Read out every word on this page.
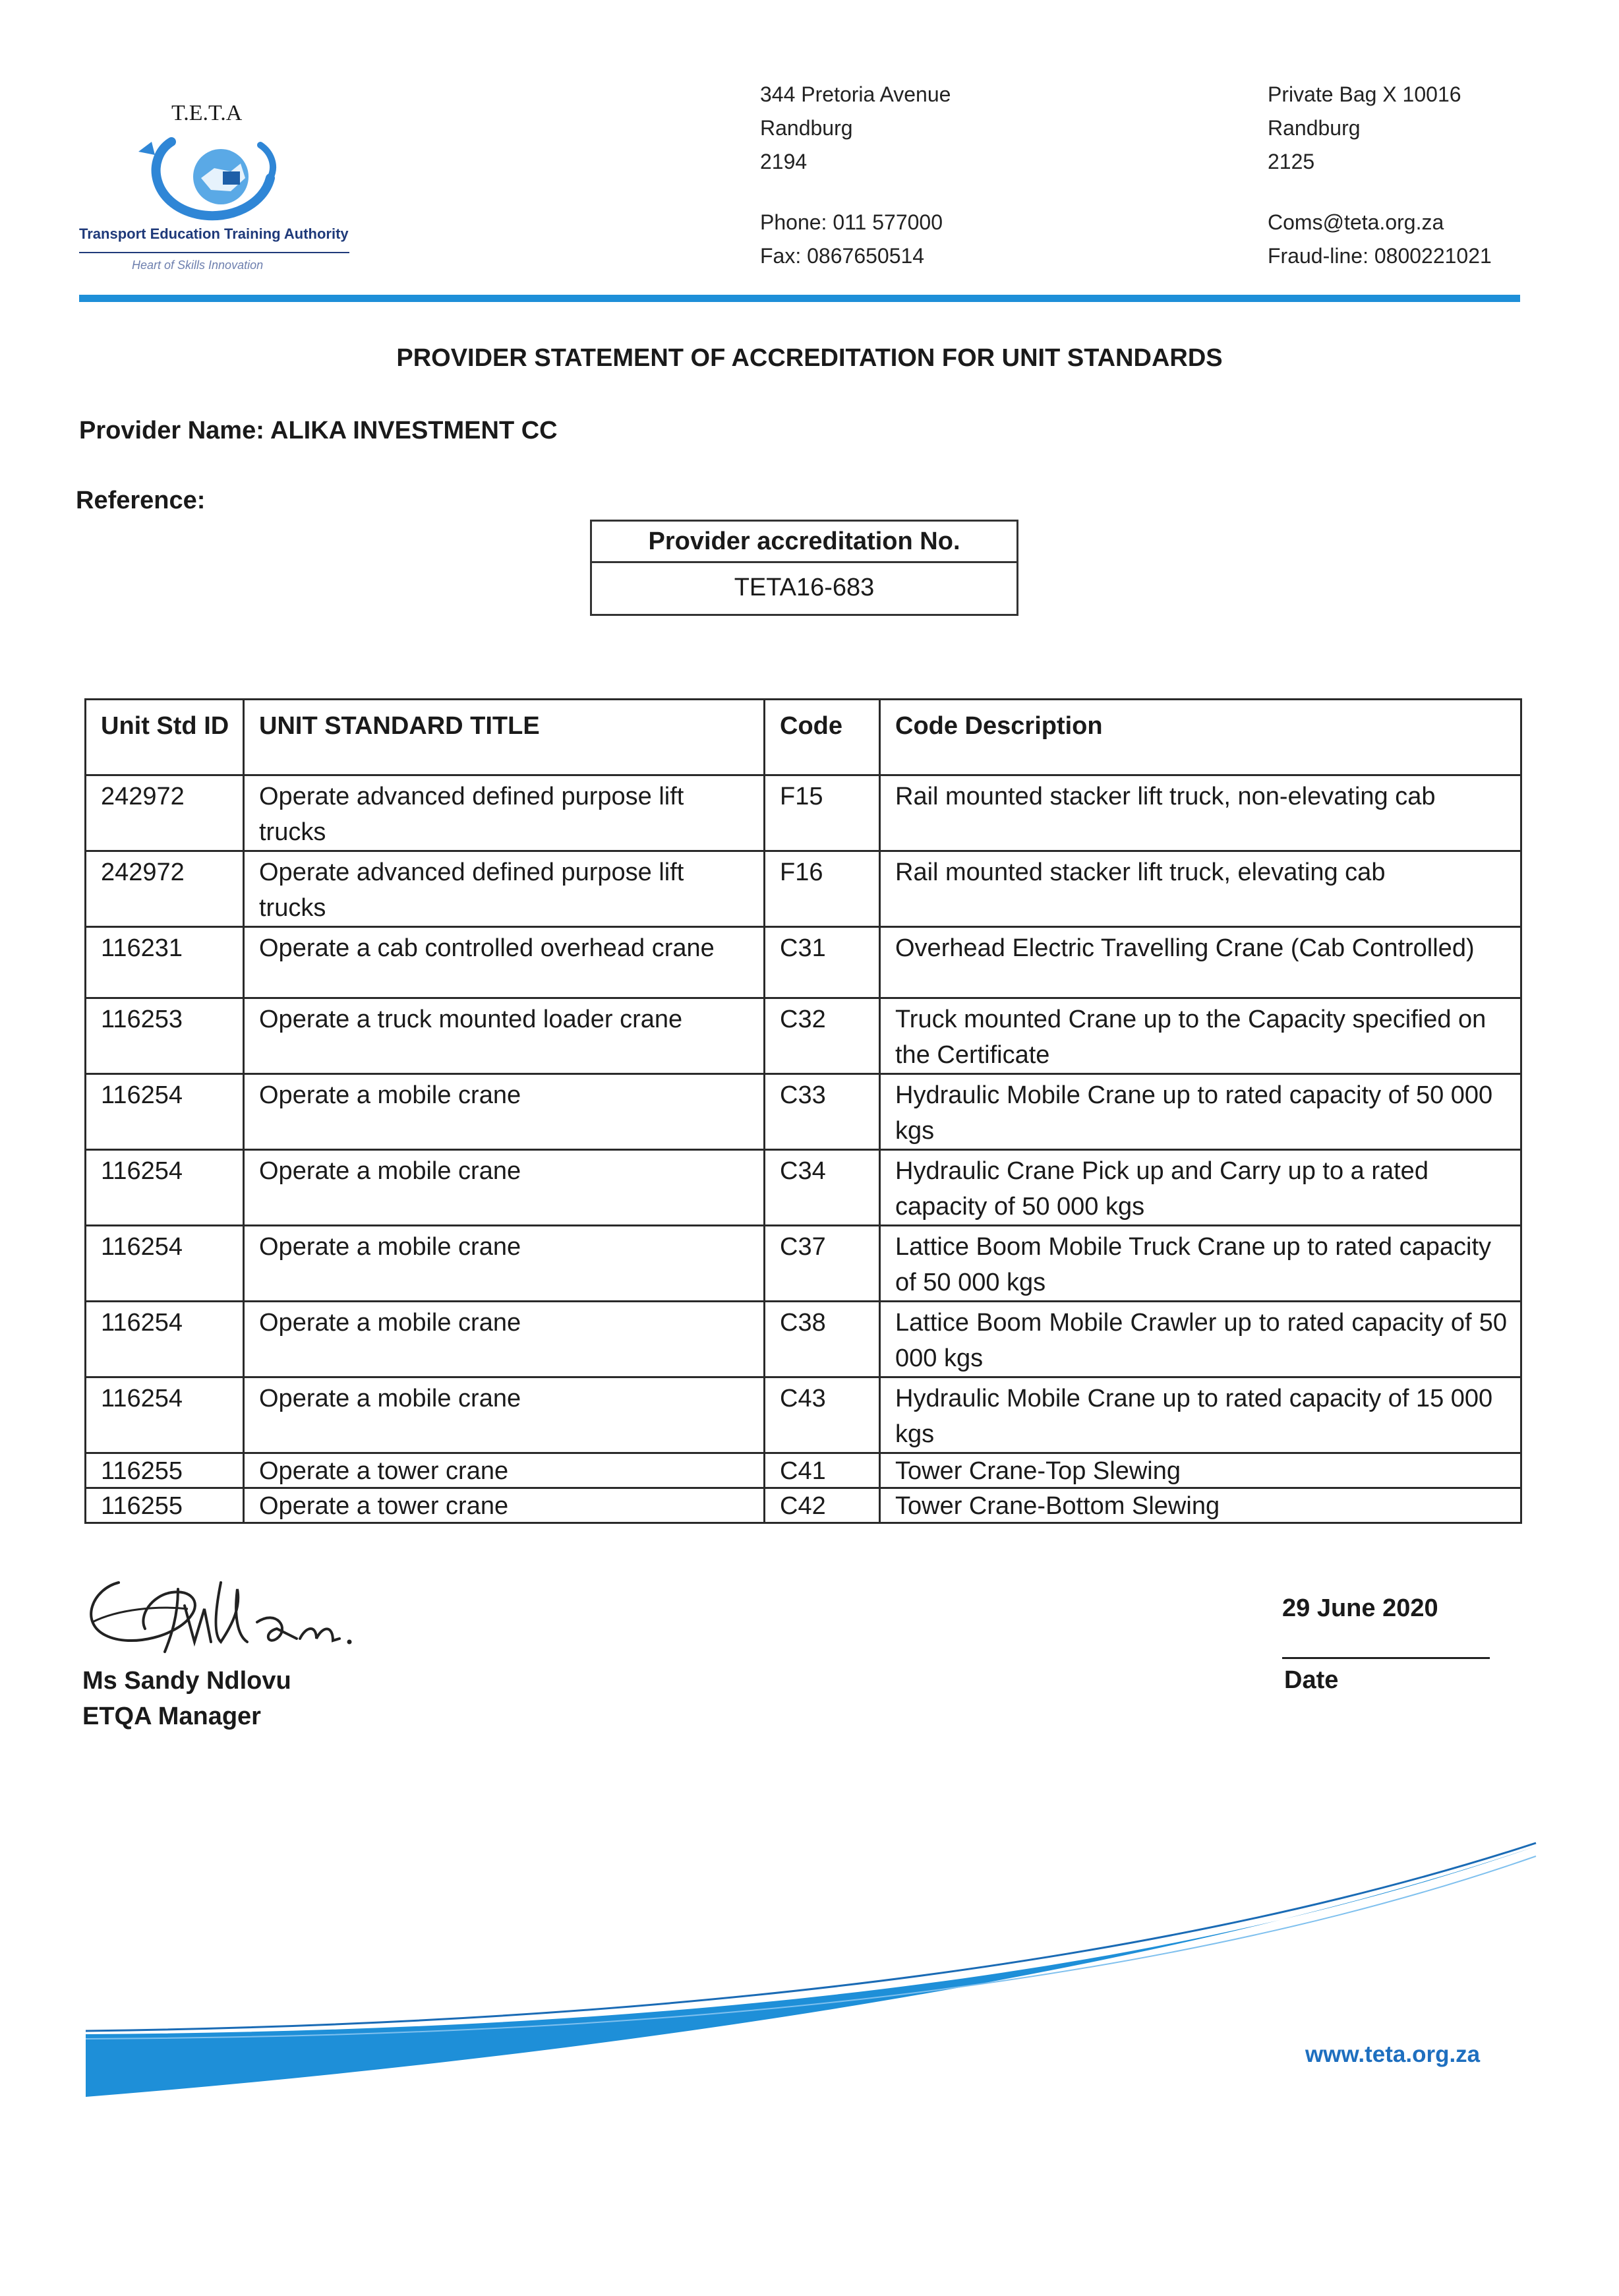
T.E.T.A
Transport Education Training Authority
Heart of Skills Innovation
344 Pretoria Avenue
Randburg
2194
Phone: 011 577000
Fax: 0867650514
Private Bag X 10016
Randburg
2125
Coms@teta.org.za
Fraud-line: 0800221021
PROVIDER STATEMENT OF ACCREDITATION FOR UNIT STANDARDS
Provider Name: ALIKA INVESTMENT CC
Reference:
Provider accreditation No.
TETA16-683
Unit Std ID	UNIT STANDARD TITLE	Code	Code Description
242972	Operate advanced defined purpose lift trucks	F15	Rail mounted stacker lift truck, non-elevating cab
242972	Operate advanced defined purpose lift trucks	F16	Rail mounted stacker lift truck, elevating cab
116231	Operate a cab controlled overhead crane	C31	Overhead Electric Travelling Crane (Cab Controlled)
116253	Operate a truck mounted loader crane	C32	Truck mounted Crane up to the Capacity specified on the Certificate
116254	Operate a mobile crane	C33	Hydraulic Mobile Crane up to rated capacity of 50 000 kgs
116254	Operate a mobile crane	C34	Hydraulic Crane Pick up and Carry up to a rated capacity of 50 000 kgs
116254	Operate a mobile crane	C37	Lattice Boom Mobile Truck Crane up to rated capacity of 50 000 kgs
116254	Operate a mobile crane	C38	Lattice Boom Mobile Crawler up to rated capacity of 50 000 kgs
116254	Operate a mobile crane	C43	Hydraulic Mobile Crane up to rated capacity of 15 000 kgs
116255	Operate a tower crane	C41	Tower Crane-Top Slewing
116255	Operate a tower crane	C42	Tower Crane-Bottom Slewing
Ms Sandy Ndlovu
ETQA Manager
29 June 2020
Date
www.teta.org.za
